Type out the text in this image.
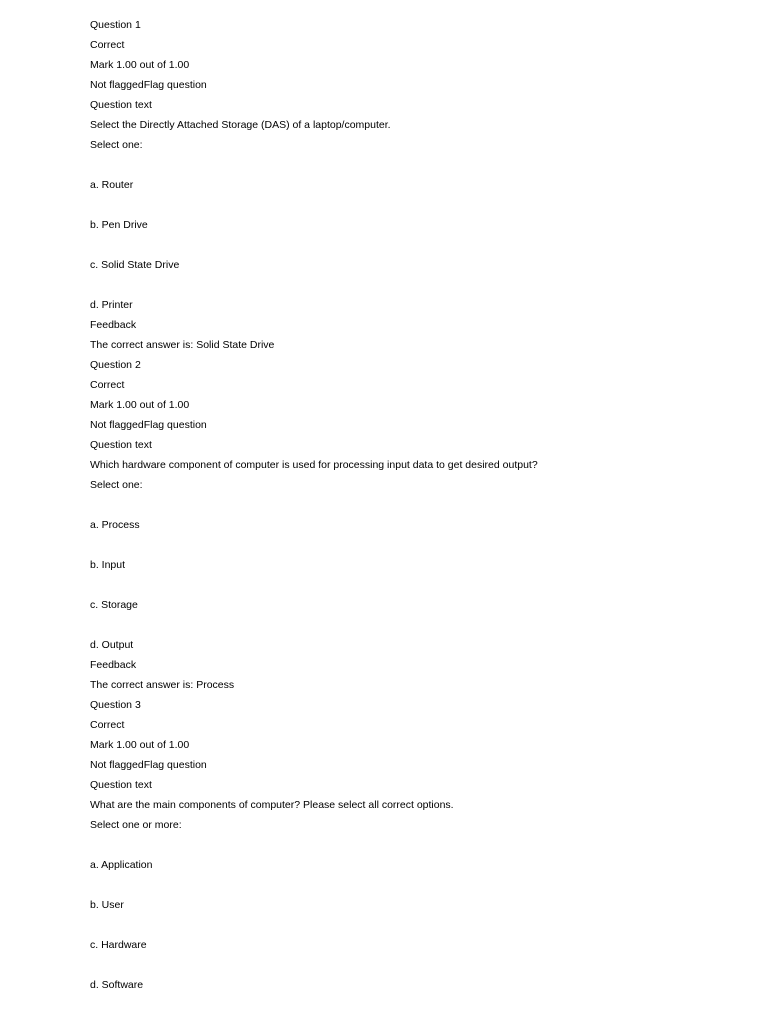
Question 1
Correct
Mark 1.00 out of 1.00
Not flaggedFlag question
Question text
Select the Directly Attached Storage (DAS) of a laptop/computer.
Select one:
a. Router
b. Pen Drive
c. Solid State Drive
d. Printer
Feedback
The correct answer is: Solid State Drive
Question 2
Correct
Mark 1.00 out of 1.00
Not flaggedFlag question
Question text
Which hardware component of computer is used for processing input data to get desired output?
Select one:
a. Process
b. Input
c. Storage
d. Output
Feedback
The correct answer is: Process
Question 3
Correct
Mark 1.00 out of 1.00
Not flaggedFlag question
Question text
What are the main components of computer? Please select all correct options.
Select one or more:
a. Application
b. User
c. Hardware
d. Software
